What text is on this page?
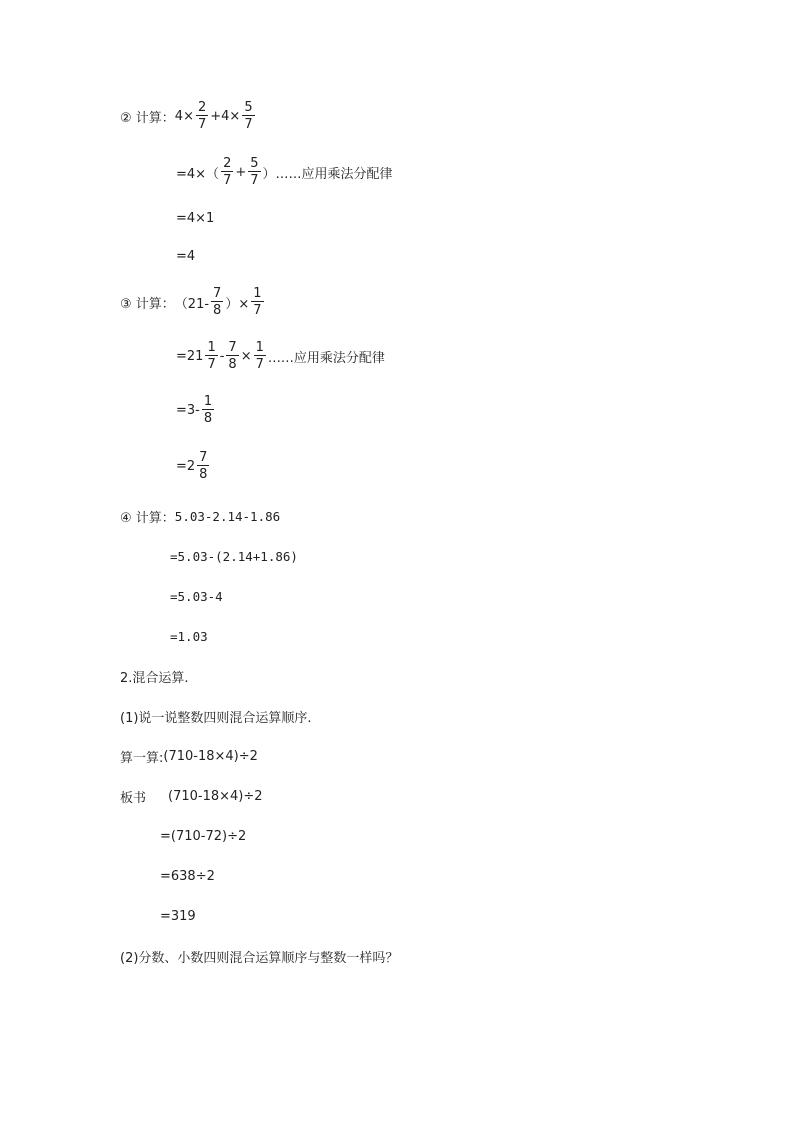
② 计算： $4\times \frac{2}{7} +4\times \frac{5}{7}$
$=4\times( \frac{2}{7} + \frac{5}{7}$ ）……应用乘法分配律
=4×1
=4
③ 计算： （$21- \frac{7}{8}$ ）× $\frac{1}{7}$
$=21 \frac{1}{7} - \frac{7}{8} \times \frac{1}{7}$ ……应用乘法分配律
$=3- \frac{1}{8}$
$=2 \frac{7}{8}$
④ 计算： 5.03-2.14-1.86
=5.03-(2.14+1.86)
=5.03-4
=1.03
2.混合运算.
(1)说一说整数四则混合运算顺序.
算一算: (710-18×4)÷2
板书 (710-18×4)÷2
=(710-72)÷2
=638÷2
=319
(2)分数、小数四则混合运算顺序与整数一样吗？
